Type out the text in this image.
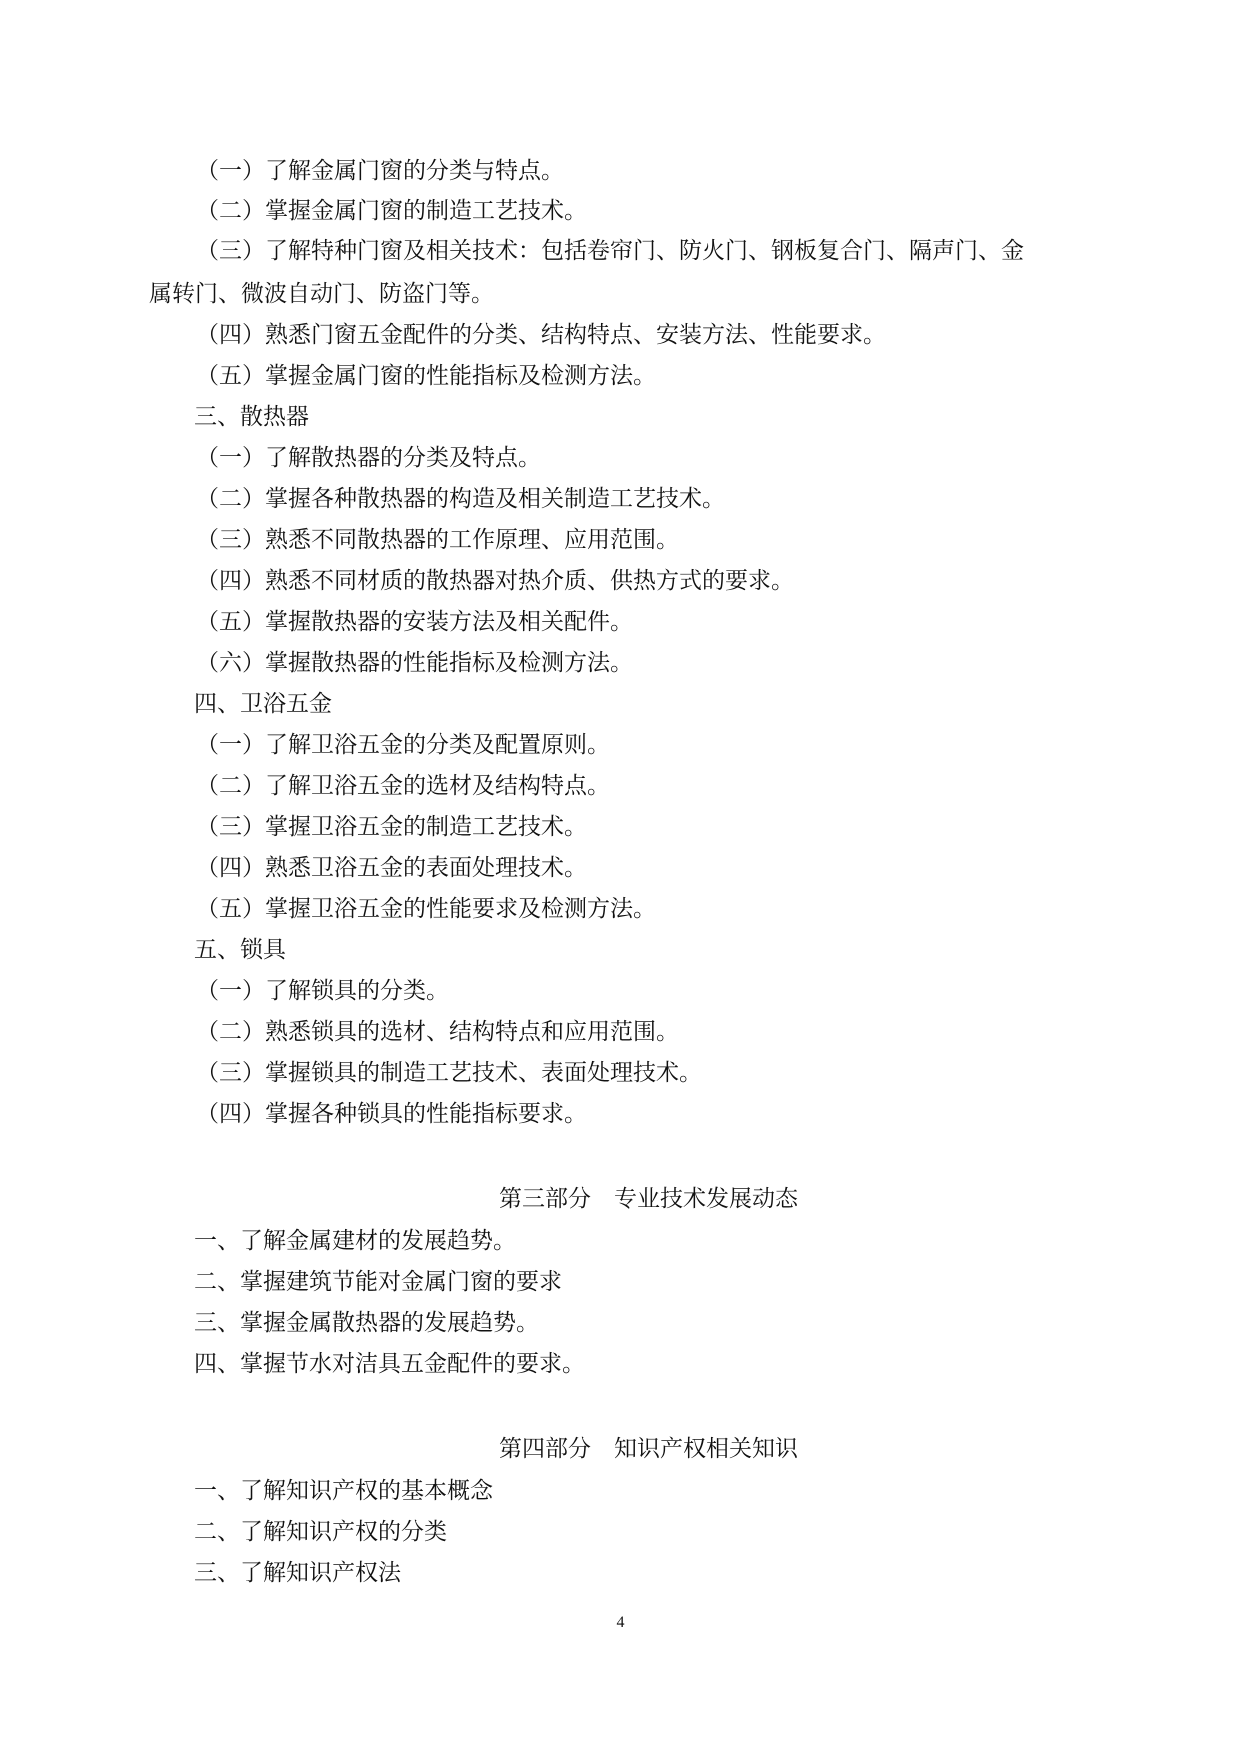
（一）了解金属门窗的分类与特点。
（二）掌握金属门窗的制造工艺技术。
（三）了解特种门窗及相关技术：包括卷帘门、防火门、钢板复合门、隔声门、金
属转门、微波自动门、防盗门等。
（四）熟悉门窗五金配件的分类、结构特点、安装方法、性能要求。
（五）掌握金属门窗的性能指标及检测方法。
三、散热器
（一）了解散热器的分类及特点。
（二）掌握各种散热器的构造及相关制造工艺技术。
（三）熟悉不同散热器的工作原理、应用范围。
（四）熟悉不同材质的散热器对热介质、供热方式的要求。
（五）掌握散热器的安装方法及相关配件。
（六）掌握散热器的性能指标及检测方法。
四、卫浴五金
（一）了解卫浴五金的分类及配置原则。
（二）了解卫浴五金的选材及结构特点。
（三）掌握卫浴五金的制造工艺技术。
（四）熟悉卫浴五金的表面处理技术。
（五）掌握卫浴五金的性能要求及检测方法。
五、锁具
（一）了解锁具的分类。
（二）熟悉锁具的选材、结构特点和应用范围。
（三）掌握锁具的制造工艺技术、表面处理技术。
（四）掌握各种锁具的性能指标要求。
第三部分　专业技术发展动态
一、了解金属建材的发展趋势。
二、掌握建筑节能对金属门窗的要求
三、掌握金属散热器的发展趋势。
四、掌握节水对洁具五金配件的要求。
第四部分　知识产权相关知识
一、了解知识产权的基本概念
二、了解知识产权的分类
三、了解知识产权法
4
